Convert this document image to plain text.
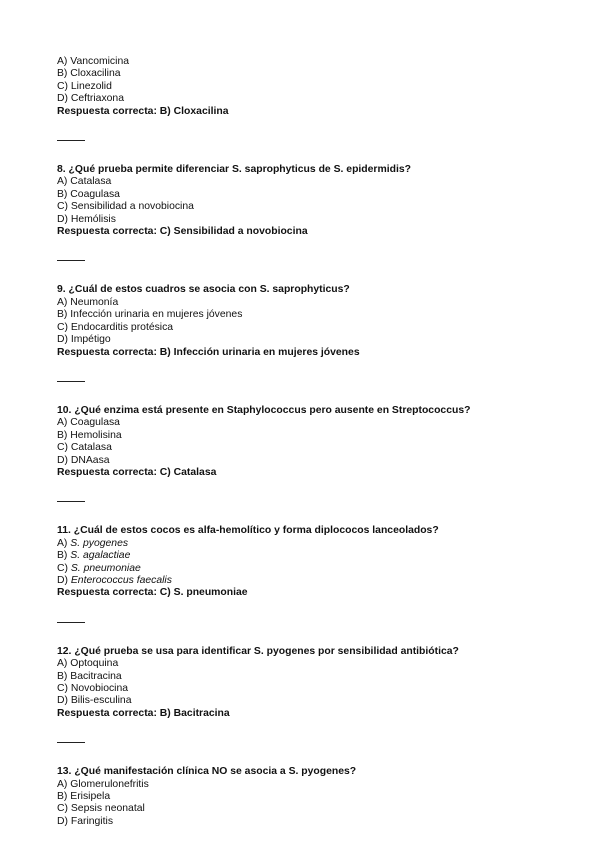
A) Vancomicina
B) Cloxacilina
C) Linezolid
D) Ceftriaxona
Respuesta correcta: B) Cloxacilina
8. ¿Qué prueba permite diferenciar S. saprophyticus de S. epidermidis?
A) Catalasa
B) Coagulasa
C) Sensibilidad a novobiocina
D) Hemólisis
Respuesta correcta: C) Sensibilidad a novobiocina
9. ¿Cuál de estos cuadros se asocia con S. saprophyticus?
A) Neumonía
B) Infección urinaria en mujeres jóvenes
C) Endocarditis protésica
D) Impétigo
Respuesta correcta: B) Infección urinaria en mujeres jóvenes
10. ¿Qué enzima está presente en Staphylococcus pero ausente en Streptococcus?
A) Coagulasa
B) Hemolisina
C) Catalasa
D) DNAasa
Respuesta correcta: C) Catalasa
11. ¿Cuál de estos cocos es alfa-hemolítico y forma diplococos lanceolados?
A) S. pyogenes
B) S. agalactiae
C) S. pneumoniae
D) Enterococcus faecalis
Respuesta correcta: C) S. pneumoniae
12. ¿Qué prueba se usa para identificar S. pyogenes por sensibilidad antibiótica?
A) Optoquina
B) Bacitracina
C) Novobiocina
D) Bilis-esculina
Respuesta correcta: B) Bacitracina
13. ¿Qué manifestación clínica NO se asocia a S. pyogenes?
A) Glomerulonefritis
B) Erisipela
C) Sepsis neonatal
D) Faringitis
